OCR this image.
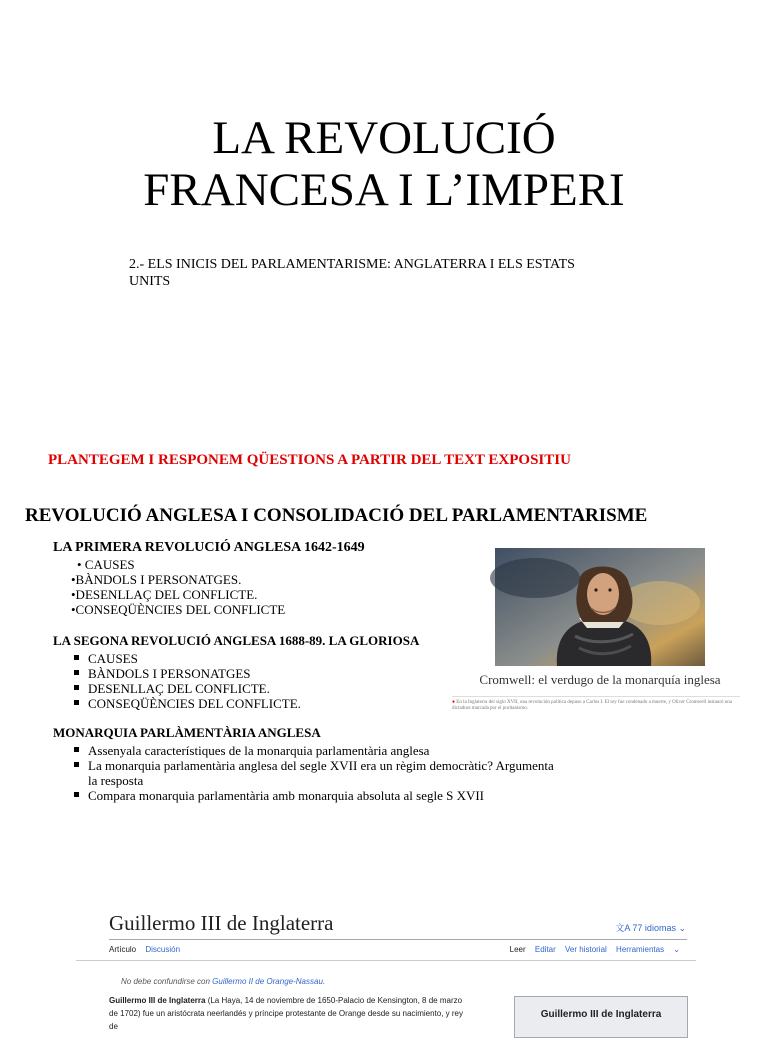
LA REVOLUCIÓ
FRANCESA I L’IMPERI
2.- ELS INICIS DEL PARLAMENTARISME: ANGLATERRA I ELS ESTATS UNITS
PLANTEGEM I RESPONEM QÜESTIONS A PARTIR DEL TEXT EXPOSITIU
REVOLUCIÓ ANGLESA I CONSOLIDACIÓ DEL PARLAMENTARISME
LA PRIMERA REVOLUCIÓ ANGLESA 1642-1649
• CAUSES
•BÀNDOLS I PERSONATGES.
•DESENLLAÇ DEL CONFLICTE.
•CONSEQÜÈNCIES DEL CONFLICTE
LA SEGONA REVOLUCIÓ ANGLESA 1688-89. LA GLORIOSA
CAUSES
BÀNDOLS I PERSONATGES
DESENLLAÇ DEL CONFLICTE.
CONSEQÜÈNCIES DEL CONFLICTE.
MONARQUIA PARLÀMENTÀRIA ANGLESA
Assenyala característiques de la monarquia parlamentària anglesa
La monarquia parlamentària anglesa del segle XVII era un règim democràtic? Argumenta la resposta
Compara monarquia parlamentària amb monarquia absoluta al segle S XVII
Cromwell: el verdugo de la monarquía inglesa
● En la Inglaterra del siglo XVII, una revolución política depuso a Carlos I. El rey fue condenado a muerte, y Oliver Cromwell instauró una dictadura marcada por el puritanismo.
Guillermo III de Inglaterra	文A 77 idiomas ⌄
Artículo Discusión	Leer Editar Ver historial Herramientas ⌄
No debe confundirse con Guillermo II de Orange-Nassau.
Guillermo III de Inglaterra (La Haya, 14 de noviembre de 1650-Palacio de Kensington, 8 de marzo de 1702) fue un aristócrata neerlandés y príncipe protestante de Orange desde su nacimiento, y rey de
Guillermo III de Inglaterra
